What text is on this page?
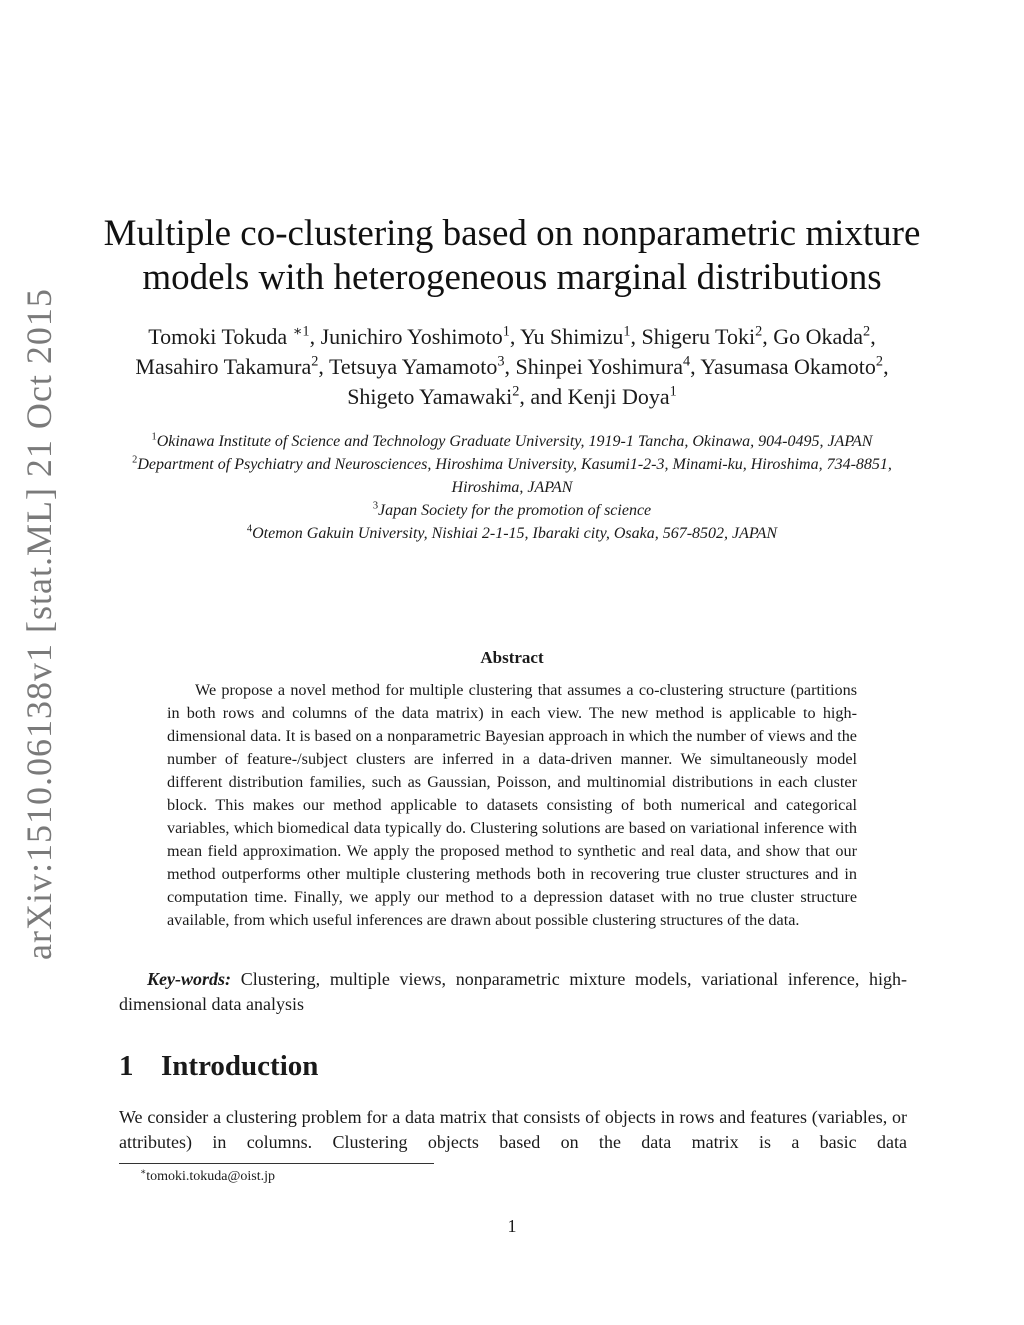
arXiv:1510.06138v1 [stat.ML] 21 Oct 2015
Multiple co-clustering based on nonparametric mixture
models with heterogeneous marginal distributions
Tomoki Tokuda $^{∗1}$, Junichiro Yoshimoto$^1$, Yu Shimizu$^1$, Shigeru Toki$^2$, Go Okada$^2$, Masahiro Takamura$^2$, Tetsuya Yamamoto$^3$, Shinpei Yoshimura$^4$, Yasumasa Okamoto$^2$, Shigeto Yamawaki$^2$, and Kenji Doya$^1$
$^1$Okinawa Institute of Science and Technology Graduate University, 1919-1 Tancha, Okinawa, 904-0495, JAPAN
$^2$Department of Psychiatry and Neurosciences, Hiroshima University, Kasumi1-2-3, Minami-ku, Hiroshima, 734-8851, Hiroshima, JAPAN
$^3$Japan Society for the promotion of science
$^4$Otemon Gakuin University, Nishiai 2-1-15, Ibaraki city, Osaka, 567-8502, JAPAN
Abstract
We propose a novel method for multiple clustering that assumes a co-clustering structure (partitions in both rows and columns of the data matrix) in each view. The new method is applicable to high-dimensional data. It is based on a nonparametric Bayesian approach in which the number of views and the number of feature-/subject clusters are inferred in a data-driven manner. We simultaneously model different distribution families, such as Gaussian, Poisson, and multinomial distributions in each cluster block. This makes our method applicable to datasets consisting of both numerical and categorical variables, which biomedical data typically do. Clustering solutions are based on variational inference with mean field approximation. We apply the proposed method to synthetic and real data, and show that our method outperforms other multiple clustering methods both in recovering true cluster structures and in computation time. Finally, we apply our method to a depression dataset with no true cluster structure available, from which useful inferences are drawn about possible clustering structures of the data.
Key-words: Clustering, multiple views, nonparametric mixture models, variational inference, high-dimensional data analysis
1 Introduction
We consider a clustering problem for a data matrix that consists of objects in rows and features (variables, or attributes) in columns. Clustering objects based on the data matrix is a basic data
∗tomoki.tokuda@oist.jp
1
